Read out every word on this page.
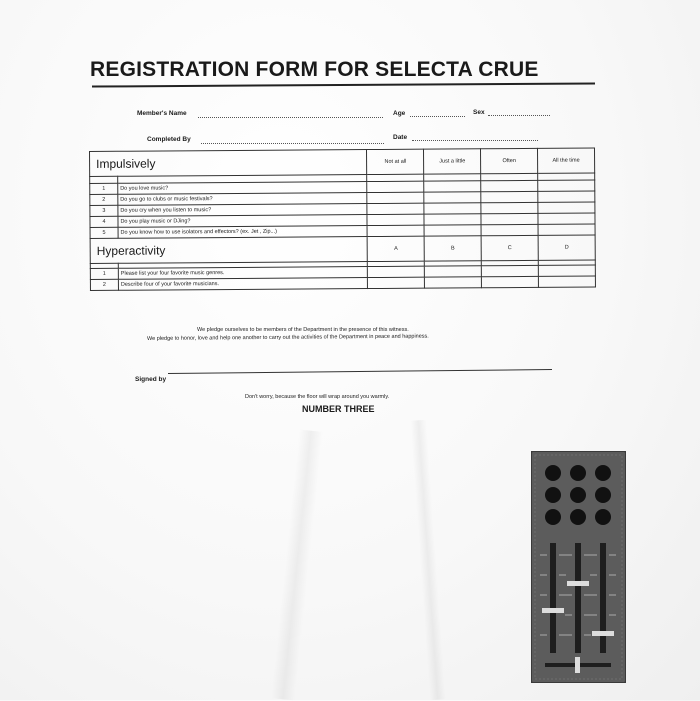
REGISTRATION FORM FOR SELECTA CRUE
Member's Name	Age	Sex
Completed By	Date
Impulsively		Not at all	Just a little	Often	All the time

1	Do you love music?				
2	Do you go to clubs or music festivals?				
3	Do you cry when you listen to music?				
4	Do you play music or DJing?				
5	Do you know how to use isolators and effectors? (ex. Jet , Zip...)				
Hyperactivity		A	B	C	D

1	Please list your four favorite music genres.				
2	Describe four of your favorite musicians.				
We pledge ourselves to be members of the Department in the presence of this witness.
We pledge to honor, love and help one another to carry out the activities of the Department in peace and happiness.
Signed by
Don't worry, because the floor will wrap around you warmly.
NUMBER THREE
